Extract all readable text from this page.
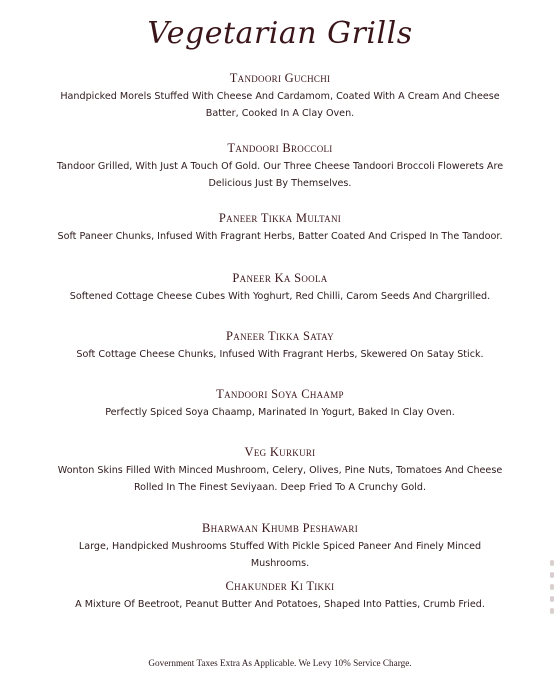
Vegetarian Grills
Tandoori Guchchi
Handpicked Morels Stuffed With Cheese And Cardamom, Coated With A Cream And Cheese Batter, Cooked In A Clay Oven.
Tandoori Broccoli
Tandoor Grilled, With Just A Touch Of Gold. Our Three Cheese Tandoori Broccoli Flowerets Are Delicious Just By Themselves.
Paneer Tikka Multani
Soft Paneer Chunks, Infused With Fragrant Herbs, Batter Coated And Crisped In The Tandoor.
Paneer Ka Soola
Softened Cottage Cheese Cubes With Yoghurt, Red Chilli, Carom Seeds And Chargrilled.
Paneer Tikka Satay
Soft Cottage Cheese Chunks, Infused With Fragrant Herbs, Skewered On Satay Stick.
Tandoori Soya Chaamp
Perfectly Spiced Soya Chaamp, Marinated In Yogurt, Baked In Clay Oven.
Veg Kurkuri
Wonton Skins Filled With Minced Mushroom, Celery, Olives, Pine Nuts, Tomatoes And Cheese Rolled In The Finest Seviyaan. Deep Fried To A Crunchy Gold.
Bharwaan Khumb Peshawari
Large, Handpicked Mushrooms Stuffed With Pickle Spiced Paneer And Finely Minced Mushrooms.
Chakunder Ki Tikki
A Mixture Of Beetroot, Peanut Butter And Potatoes, Shaped Into Patties, Crumb Fried.
Government Taxes Extra As Applicable. We Levy 10% Service Charge.
